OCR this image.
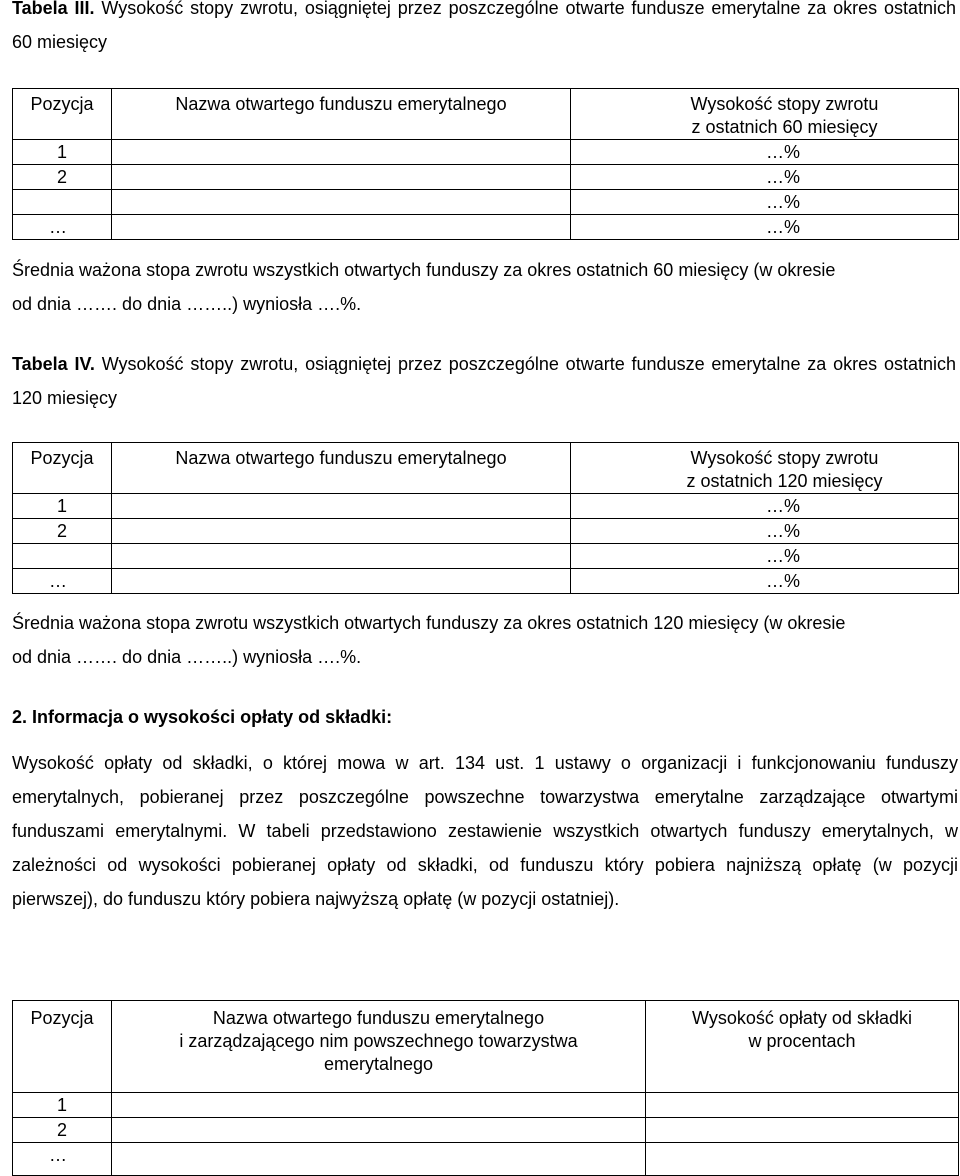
Tabela III. Wysokość stopy zwrotu, osiągniętej przez poszczególne otwarte fundusze emerytalne za okres ostatnich 60 miesięcy

Pozycja	Nazwa otwartego funduszu emerytalnego	Wysokość stopy zwrotu
z ostatnich 60 miesięcy

1		…%
2		…%
		…%
…		…%

Średnia ważona stopa zwrotu wszystkich otwartych funduszy za okres ostatnich 60 miesięcy (w okresie
od dnia ……. do dnia ……..) wyniosła ….%.

Tabela IV. Wysokość stopy zwrotu, osiągniętej przez poszczególne otwarte fundusze emerytalne za okres ostatnich 120 miesięcy

Pozycja	Nazwa otwartego funduszu emerytalnego	Wysokość stopy zwrotu
z ostatnich 120 miesięcy

1		…%
2		…%
		…%
…		…%

Średnia ważona stopa zwrotu wszystkich otwartych funduszy za okres ostatnich 120 miesięcy (w okresie
od dnia ……. do dnia ……..) wyniosła ….%.

2. Informacja o wysokości opłaty od składki:

Wysokość opłaty od składki, o której mowa w art. 134 ust. 1 ustawy o organizacji i funkcjonowaniu funduszy emerytalnych, pobieranej przez poszczególne powszechne towarzystwa emerytalne zarządzające otwartymi funduszami emerytalnymi. W tabeli przedstawiono zestawienie wszystkich otwartych funduszy emerytalnych, w zależności od wysokości pobieranej opłaty od składki, od funduszu który pobiera najniższą opłatę (w pozycji pierwszej), do funduszu który pobiera najwyższą opłatę (w pozycji ostatniej).

Pozycja	Nazwa otwartego funduszu emerytalnego
i zarządzającego nim powszechnego towarzystwa
emerytalnego	Wysokość opłaty od składki
w procentach

1		
2		
…		
